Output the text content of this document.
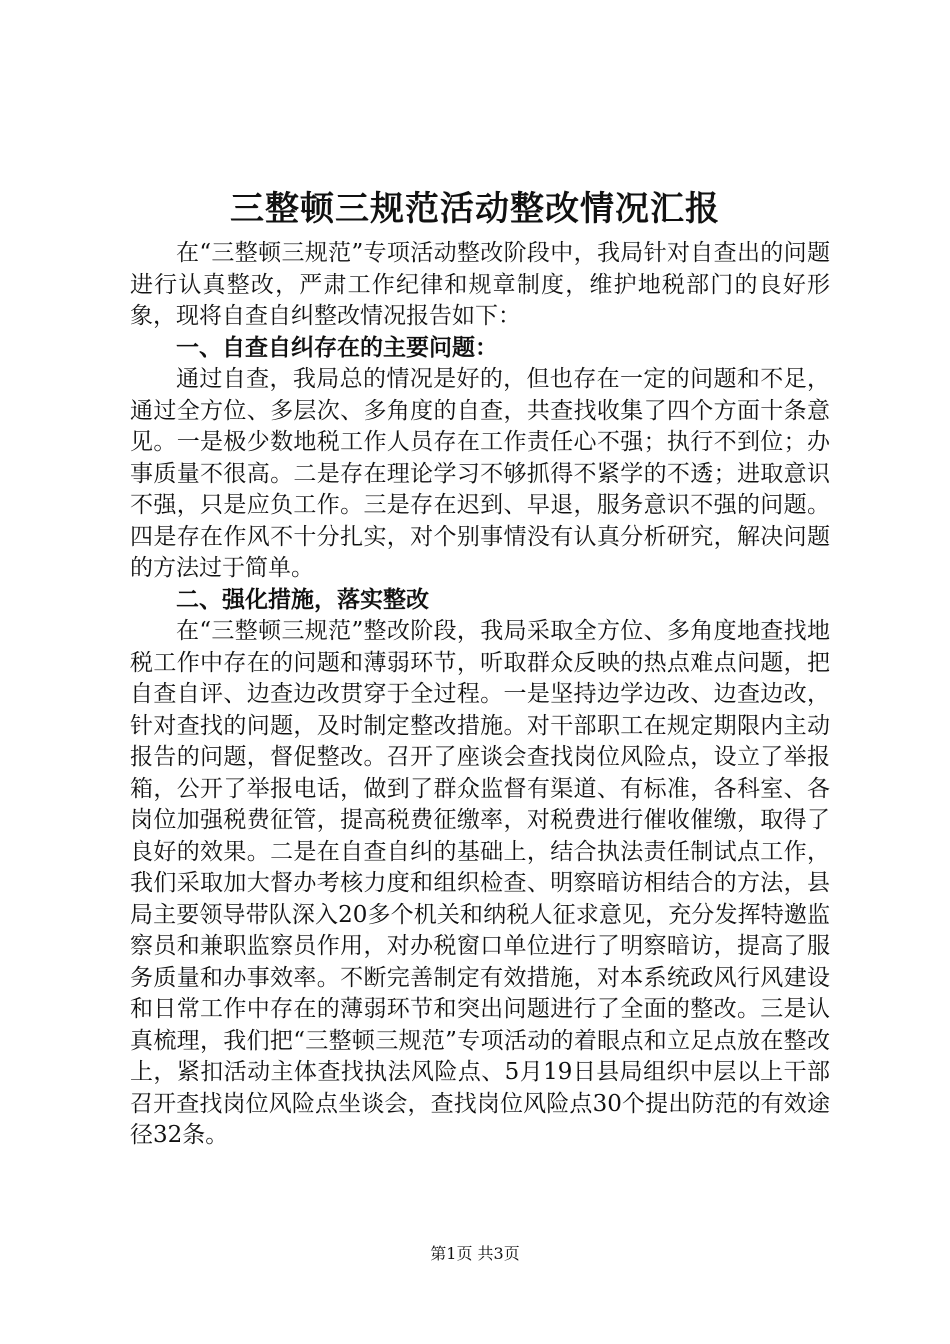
三整顿三规范活动整改情况汇报

在“三整顿三规范”专项活动整改阶段中，我局针对自查出的问题进行认真整改，严肃工作纪律和规章制度，维护地税部门的良好形象，现将自查自纠整改情况报告如下：

一、自查自纠存在的主要问题：

通过自查，我局总的情况是好的，但也存在一定的问题和不足，通过全方位、多层次、多角度的自查，共查找收集了四个方面十条意见。一是极少数地税工作人员存在工作责任心不强；执行不到位；办事质量不很高。二是存在理论学习不够抓得不紧学的不透；进取意识不强，只是应负工作。三是存在迟到、早退，服务意识不强的问题。四是存在作风不十分扎实，对个别事情没有认真分析研究，解决问题的方法过于简单。

二、强化措施，落实整改

在“三整顿三规范”整改阶段，我局采取全方位、多角度地查找地税工作中存在的问题和薄弱环节，听取群众反映的热点难点问题，把自查自评、边查边改贯穿于全过程。一是坚持边学边改、边查边改，针对查找的问题，及时制定整改措施。对干部职工在规定期限内主动报告的问题，督促整改。召开了座谈会查找岗位风险点，设立了举报箱，公开了举报电话，做到了群众监督有渠道、有标准，各科室、各岗位加强税费征管，提高税费征缴率，对税费进行催收催缴，取得了良好的效果。二是在自查自纠的基础上，结合执法责任制试点工作，我们采取加大督办考核力度和组织检查、明察暗访相结合的方法，县局主要领导带队深入20多个机关和纳税人征求意见，充分发挥特邀监察员和兼职监察员作用，对办税窗口单位进行了明察暗访，提高了服务质量和办事效率。不断完善制定有效措施，对本系统政风行风建设和日常工作中存在的薄弱环节和突出问题进行了全面的整改。三是认真梳理，我们把“三整顿三规范”专项活动的着眼点和立足点放在整改上，紧扣活动主体查找执法风险点、5月19日县局组织中层以上干部召开查找岗位风险点坐谈会，查找岗位风险点30个提出防范的有效途径32条。

第1页 共3页
